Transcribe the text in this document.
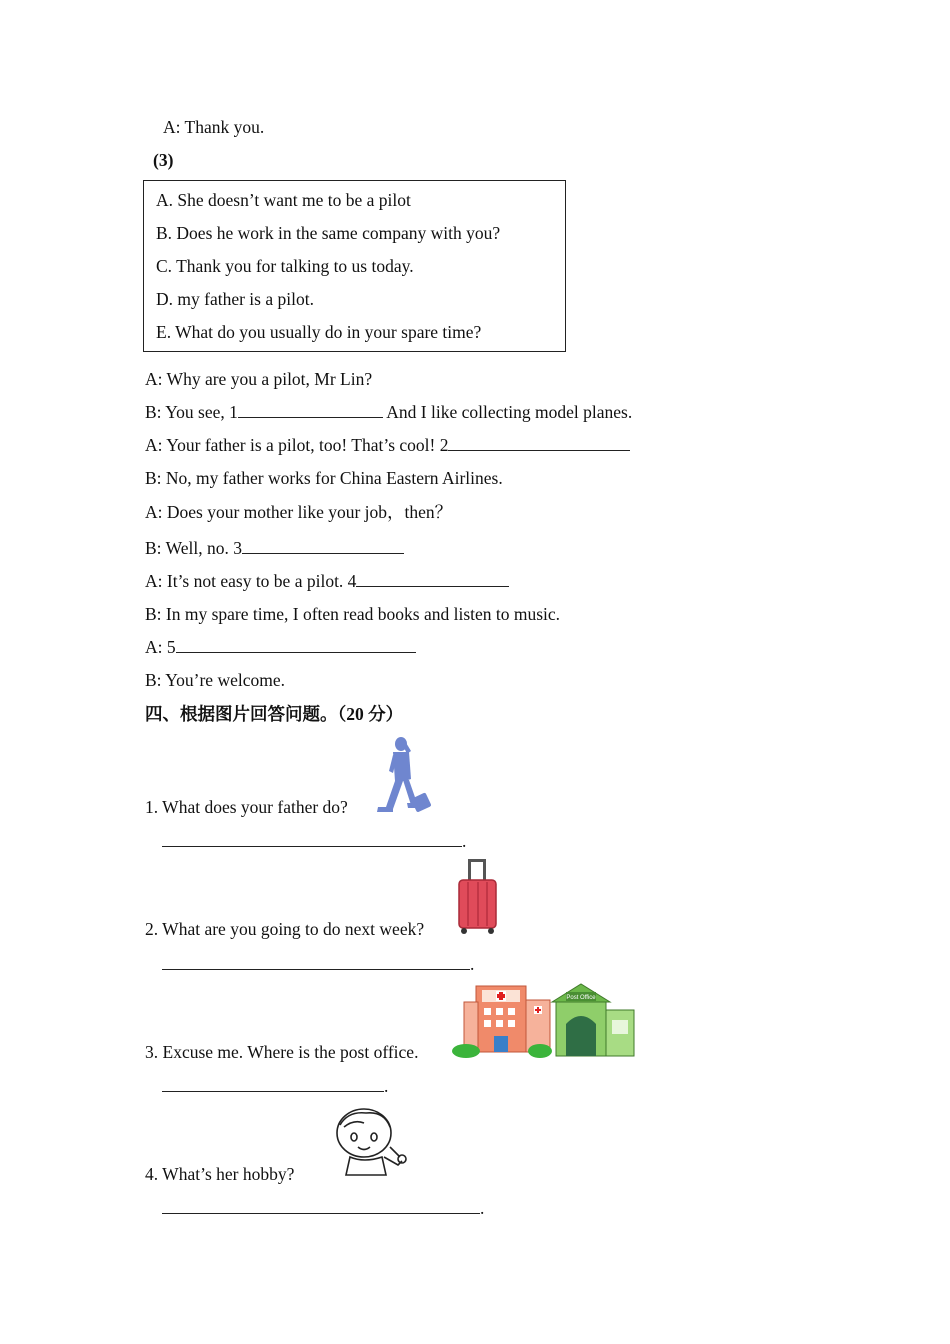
A: Thank you.
(3)
A. She doesn’t want me to be a pilot
B. Does he work in the same company with you?
C. Thank you for talking to us today.
D. my father is a pilot.
E. What do you usually do in your spare time?
A: Why are you a pilot, Mr Lin?
B: You see, 1	And I like collecting model planes.
A: Your father is a pilot, too! That’s cool! 2
B: No, my father works for China Eastern Airlines.
A: Does your mother like your job，then？
B: Well, no. 3
A: It’s not easy to be a pilot. 4
B: In my spare time, I often read books and listen to music.
A: 5
B: You’re welcome.
四、根据图片回答问题。（20 分）
1. What does your father do?
.
2. What are you going to do next week?
.
3. Excuse me. Where is the post office.
Post Office
.
4. What’s her hobby?
.
